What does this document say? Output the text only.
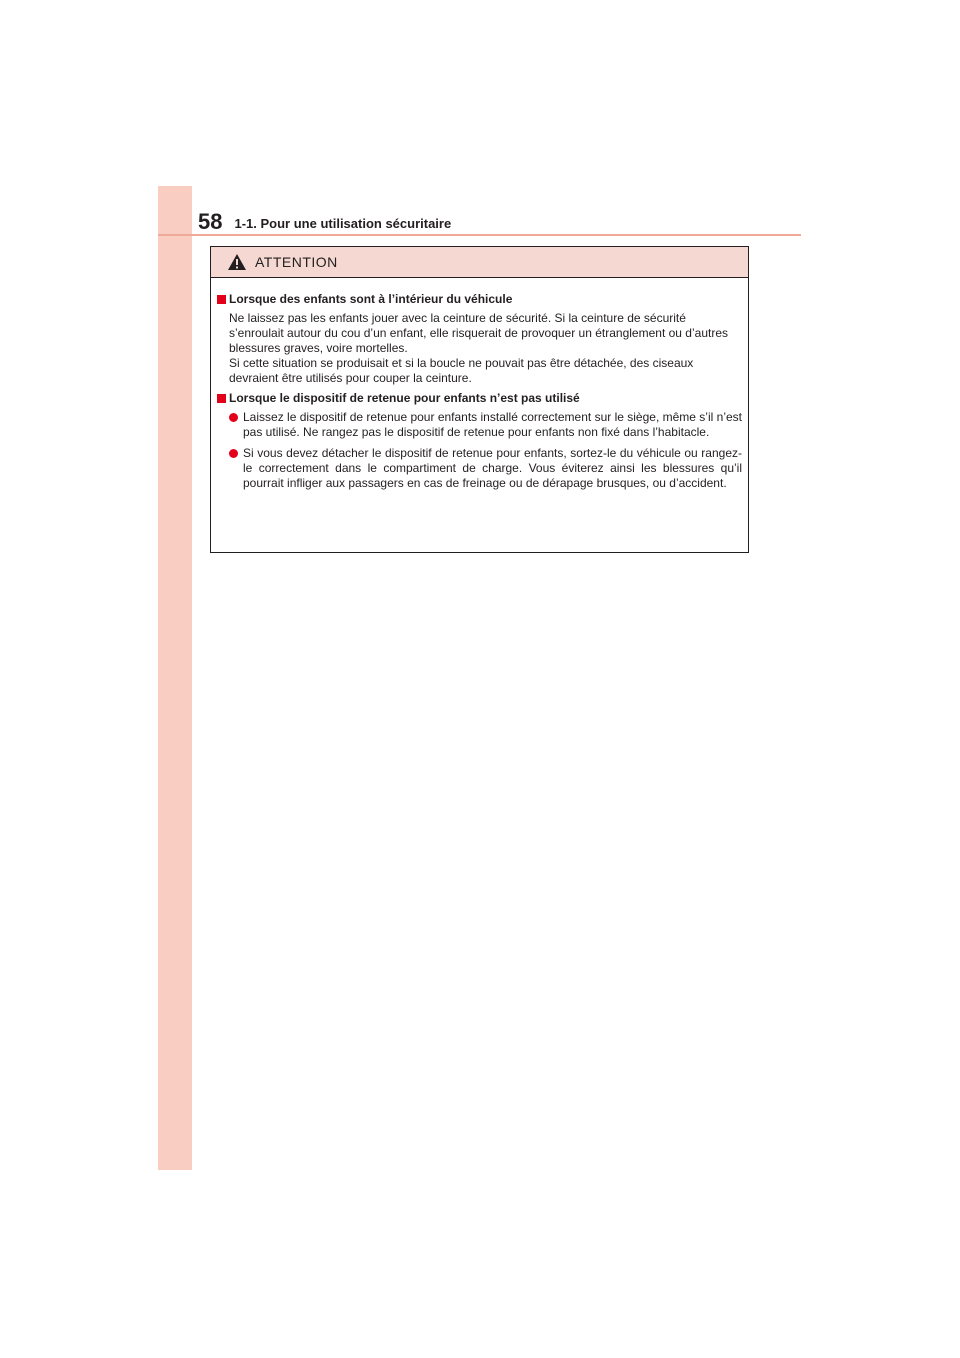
58 1-1. Pour une utilisation sécuritaire
ATTENTION
Lorsque des enfants sont à l’intérieur du véhicule
Ne laissez pas les enfants jouer avec la ceinture de sécurité. Si la ceinture de sécurité s’enroulait autour du cou d’un enfant, elle risquerait de provoquer un étranglement ou d’autres blessures graves, voire mortelles.
Si cette situation se produisait et si la boucle ne pouvait pas être détachée, des ciseaux devraient être utilisés pour couper la ceinture.
Lorsque le dispositif de retenue pour enfants n’est pas utilisé
Laissez le dispositif de retenue pour enfants installé correctement sur le siège, même s’il n’est pas utilisé. Ne rangez pas le dispositif de retenue pour enfants non fixé dans l’habitacle.
Si vous devez détacher le dispositif de retenue pour enfants, sortez-le du véhicule ou rangez-le correctement dans le compartiment de charge. Vous éviterez ainsi les blessures qu’il pourrait infliger aux passagers en cas de freinage ou de dérapage brusques, ou d’accident.
